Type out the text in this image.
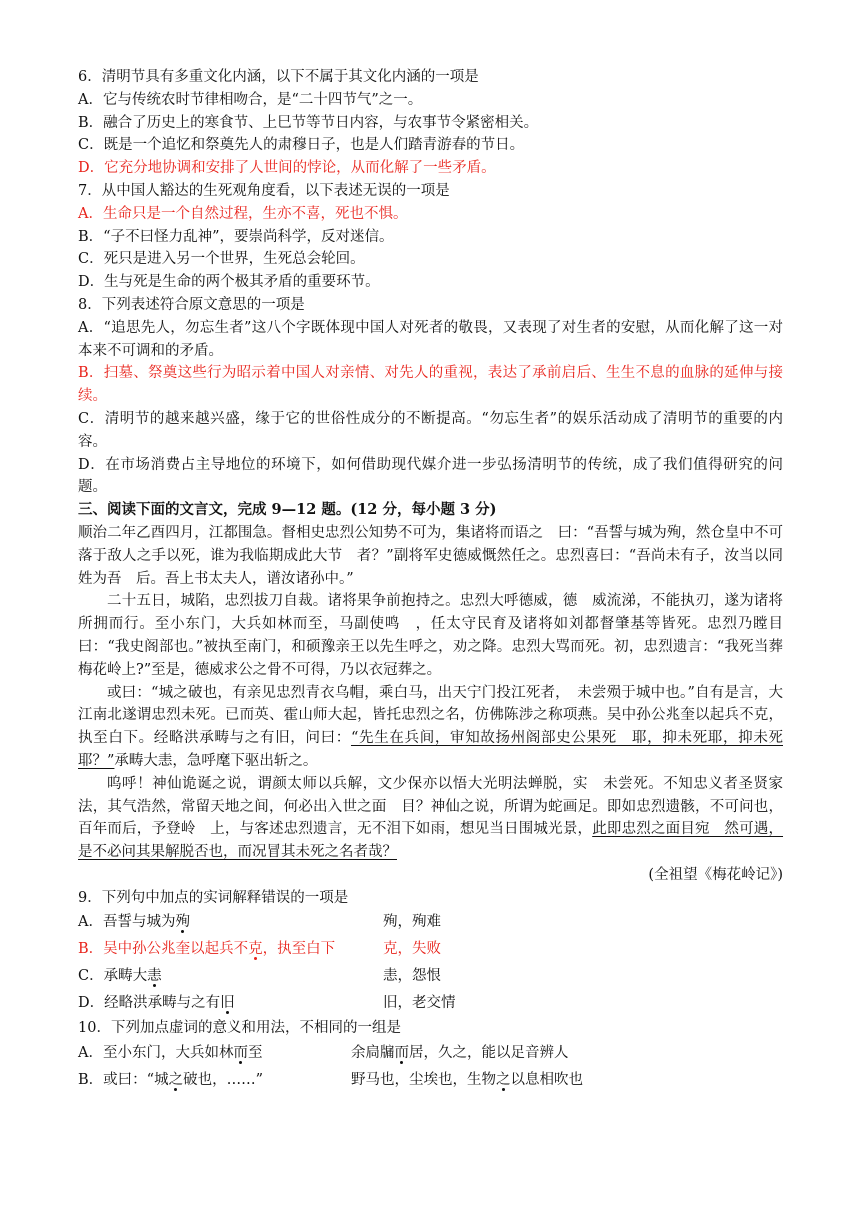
6．清明节具有多重文化内涵，以下不属于其文化内涵的一项是
A．它与传统农时节律相吻合，是“二十四节气”之一。
B．融合了历史上的寒食节、上巳节等节日内容，与农事节令紧密相关。
C．既是一个追忆和祭奠先人的肃穆日子，也是人们踏青游春的节日。
D．它充分地协调和安排了人世间的悖论，从而化解了一些矛盾。
7．从中国人豁达的生死观角度看，以下表述无误的一项是
A．生命只是一个自然过程，生亦不喜，死也不惧。
B．“子不曰怪力乱神”，要崇尚科学，反对迷信。
C．死只是进入另一个世界，生死总会轮回。
D．生与死是生命的两个极其矛盾的重要环节。
8．下列表述符合原文意思的一项是
A．“追思先人，勿忘生者”这八个字既体现中国人对死者的敬畏，又表现了对生者的安慰，从而化解了这一对本来不可调和的矛盾。
B．扫墓、祭奠这些行为昭示着中国人对亲情、对先人的重视，表达了承前启后、生生不息的血脉的延伸与接续。
C．清明节的越来越兴盛，缘于它的世俗性成分的不断提高。“勿忘生者”的娱乐活动成了清明节的重要的内容。
D．在市场消费占主导地位的环境下，如何借助现代媒介进一步弘扬清明节的传统，成了我们值得研究的问题。
三、阅读下面的文言文，完成 9—12 题。(12 分，每小题 3 分)
顺治二年乙酉四月，江都围急。督相史忠烈公知势不可为，集诸将而语之　曰：“吾誓与城为殉，然仓皇中不可落于敌人之手以死，谁为我临期成此大节　者？”副将军史德威慨然任之。忠烈喜曰：“吾尚未有子，汝当以同姓为吾　后。吾上书太夫人，谱汝诸孙中。”
二十五日，城陷，忠烈拔刀自裁。诸将果争前抱持之。忠烈大呼德威，德　威流涕，不能执刃，遂为诸将所拥而行。至小东门，大兵如林而至，马副使鸣　，任太守民育及诸将如刘都督肇基等皆死。忠烈乃瞠目曰：“我史阁部也。”被执至南门，和硕豫亲王以先生呼之，劝之降。忠烈大骂而死。初，忠烈遗言：“我死当葬梅花岭上?”至是，德威求公之骨不可得，乃以衣冠葬之。
或曰：“城之破也，有亲见忠烈青衣乌帽，乘白马，出天宁门投江死者，　未尝殒于城中也。”自有是言，大江南北遂谓忠烈未死。已而英、霍山师大起，皆托忠烈之名，仿佛陈涉之称项燕。吴中孙公兆奎以起兵不克，执至白下。经略洪承畴与之有旧，问曰：“先生在兵间，审知故扬州阁部史公果死　耶，抑未死耶，抑未死耶？”承畴大恚，急呼麾下驱出斩之。
呜呼！神仙诡诞之说，谓颜太师以兵解，文少保亦以悟大光明法蝉脱，实　未尝死。不知忠义者圣贤家法，其气浩然，常留天地之间，何必出入世之面　目？神仙之说，所谓为蛇画足。即如忠烈遗骸，不可问也，百年而后，予登岭　上，与客述忠烈遗言，无不泪下如雨，想见当日围城光景，此即忠烈之面目宛　然可遇，是不必问其果解脱否也，而况冒其未死之名者哉？
(全祖望《梅花岭记》)
9．下列句中加点的实词解释错误的一项是
A．吾誓与城为殉	殉，殉难
B．吴中孙公兆奎以起兵不克，执至白下	克，失败
C．承畴大恚	恚，怨恨
D．经略洪承畴与之有旧	旧，老交情
10．下列加点虚词的意义和用法，不相同的一组是
A．至小东门，大兵如林而至	余扃牖而居，久之，能以足音辨人
B．或曰：“城之破也，……”	野马也，尘埃也，生物之以息相吹也
